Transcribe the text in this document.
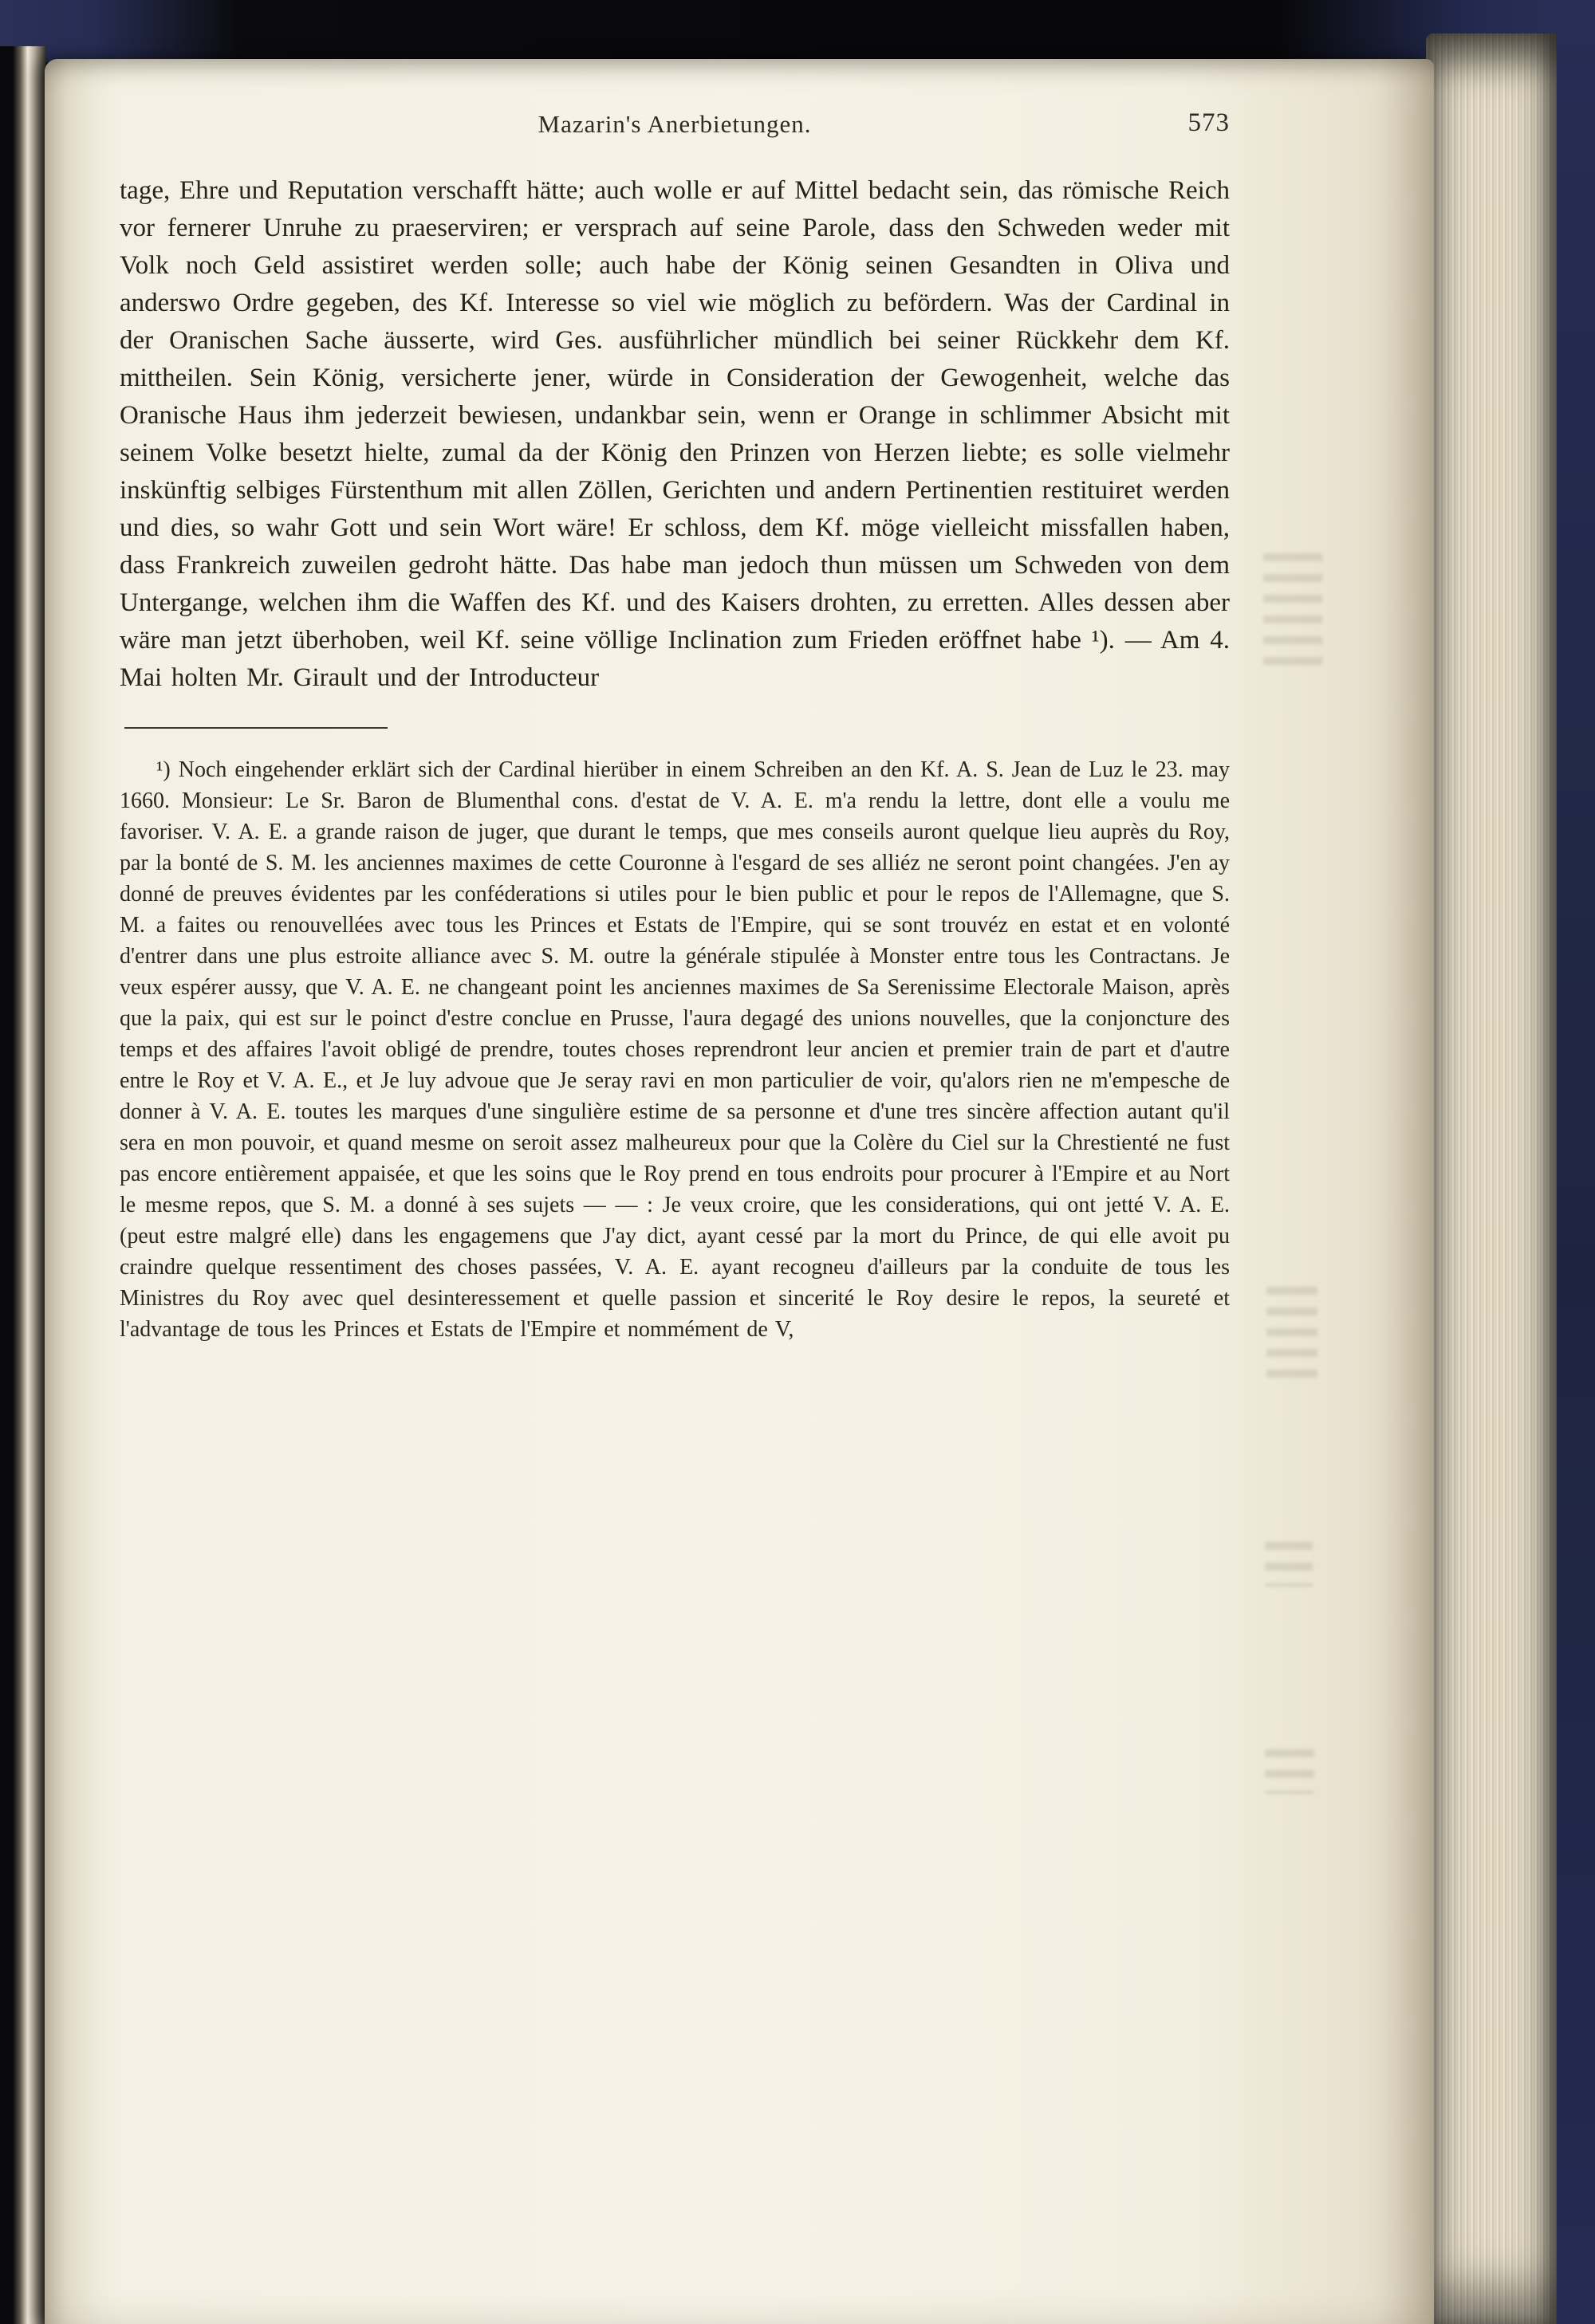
Mazarin's Anerbietungen.	573

tage, Ehre und Reputation verschafft hätte; auch wolle er auf Mittel bedacht sein, das römische Reich vor fernerer Unruhe zu praeserviren; er versprach auf seine Parole, dass den Schweden weder mit Volk noch Geld assistiret werden solle; auch habe der König seinen Gesandten in Oliva und anderswo Ordre gegeben, des Kf. Interesse so viel wie möglich zu befördern. Was der Cardinal in der Oranischen Sache äusserte, wird Ges. ausführlicher mündlich bei seiner Rückkehr dem Kf. mittheilen. Sein König, versicherte jener, würde in Consideration der Gewogenheit, welche das Oranische Haus ihm jederzeit bewiesen, undankbar sein, wenn er Orange in schlimmer Absicht mit seinem Volke besetzt hielte, zumal da der König den Prinzen von Herzen liebte; es solle vielmehr inskünftig selbiges Fürstenthum mit allen Zöllen, Gerichten und andern Pertinentien restituiret werden und dies, so wahr Gott und sein Wort wäre! Er schloss, dem Kf. möge vielleicht missfallen haben, dass Frankreich zuweilen gedroht hätte. Das habe man jedoch thun müssen um Schweden von dem Untergange, welchen ihm die Waffen des Kf. und des Kaisers drohten, zu erretten. Alles dessen aber wäre man jetzt überhoben, weil Kf. seine völlige Inclination zum Frieden eröffnet habe ¹). — Am 4. Mai holten Mr. Girault und der Introducteur

¹) Noch eingehender erklärt sich der Cardinal hierüber in einem Schreiben an den Kf. A. S. Jean de Luz le 23. may 1660. Monsieur: Le Sr. Baron de Blumenthal cons. d'estat de V. A. E. m'a rendu la lettre, dont elle a voulu me favoriser. V. A. E. a grande raison de juger, que durant le temps, que mes conseils auront quelque lieu auprès du Roy, par la bonté de S. M. les anciennes maximes de cette Couronne à l'esgard de ses alliéz ne seront point changées. J'en ay donné de preuves évidentes par les conféderations si utiles pour le bien public et pour le repos de l'Allemagne, que S. M. a faites ou renouvellées avec tous les Princes et Estats de l'Empire, qui se sont trouvéz en estat et en volonté d'entrer dans une plus estroite alliance avec S. M. outre la générale stipulée à Monster entre tous les Contractans. Je veux espérer aussy, que V. A. E. ne changeant point les anciennes maximes de Sa Serenissime Electorale Maison, après que la paix, qui est sur le poinct d'estre conclue en Prusse, l'aura degagé des unions nouvelles, que la conjoncture des temps et des affaires l'avoit obligé de prendre, toutes choses reprendront leur ancien et premier train de part et d'autre entre le Roy et V. A. E., et Je luy advoue que Je seray ravi en mon particulier de voir, qu'alors rien ne m'empesche de donner à V. A. E. toutes les marques d'une singulière estime de sa personne et d'une tres sincère affection autant qu'il sera en mon pouvoir, et quand mesme on seroit assez malheureux pour que la Colère du Ciel sur la Chrestienté ne fust pas encore entièrement appaisée, et que les soins que le Roy prend en tous endroits pour procurer à l'Empire et au Nort le mesme repos, que S. M. a donné à ses sujets — — : Je veux croire, que les considerations, qui ont jetté V. A. E. (peut estre malgré elle) dans les engagemens que J'ay dict, ayant cessé par la mort du Prince, de qui elle avoit pu craindre quelque ressentiment des choses passées, V. A. E. ayant recogneu d'ailleurs par la conduite de tous les Ministres du Roy avec quel desinteressement et quelle passion et sincerité le Roy desire le repos, la seureté et l'advantage de tous les Princes et Estats de l'Empire et nommément de V,
